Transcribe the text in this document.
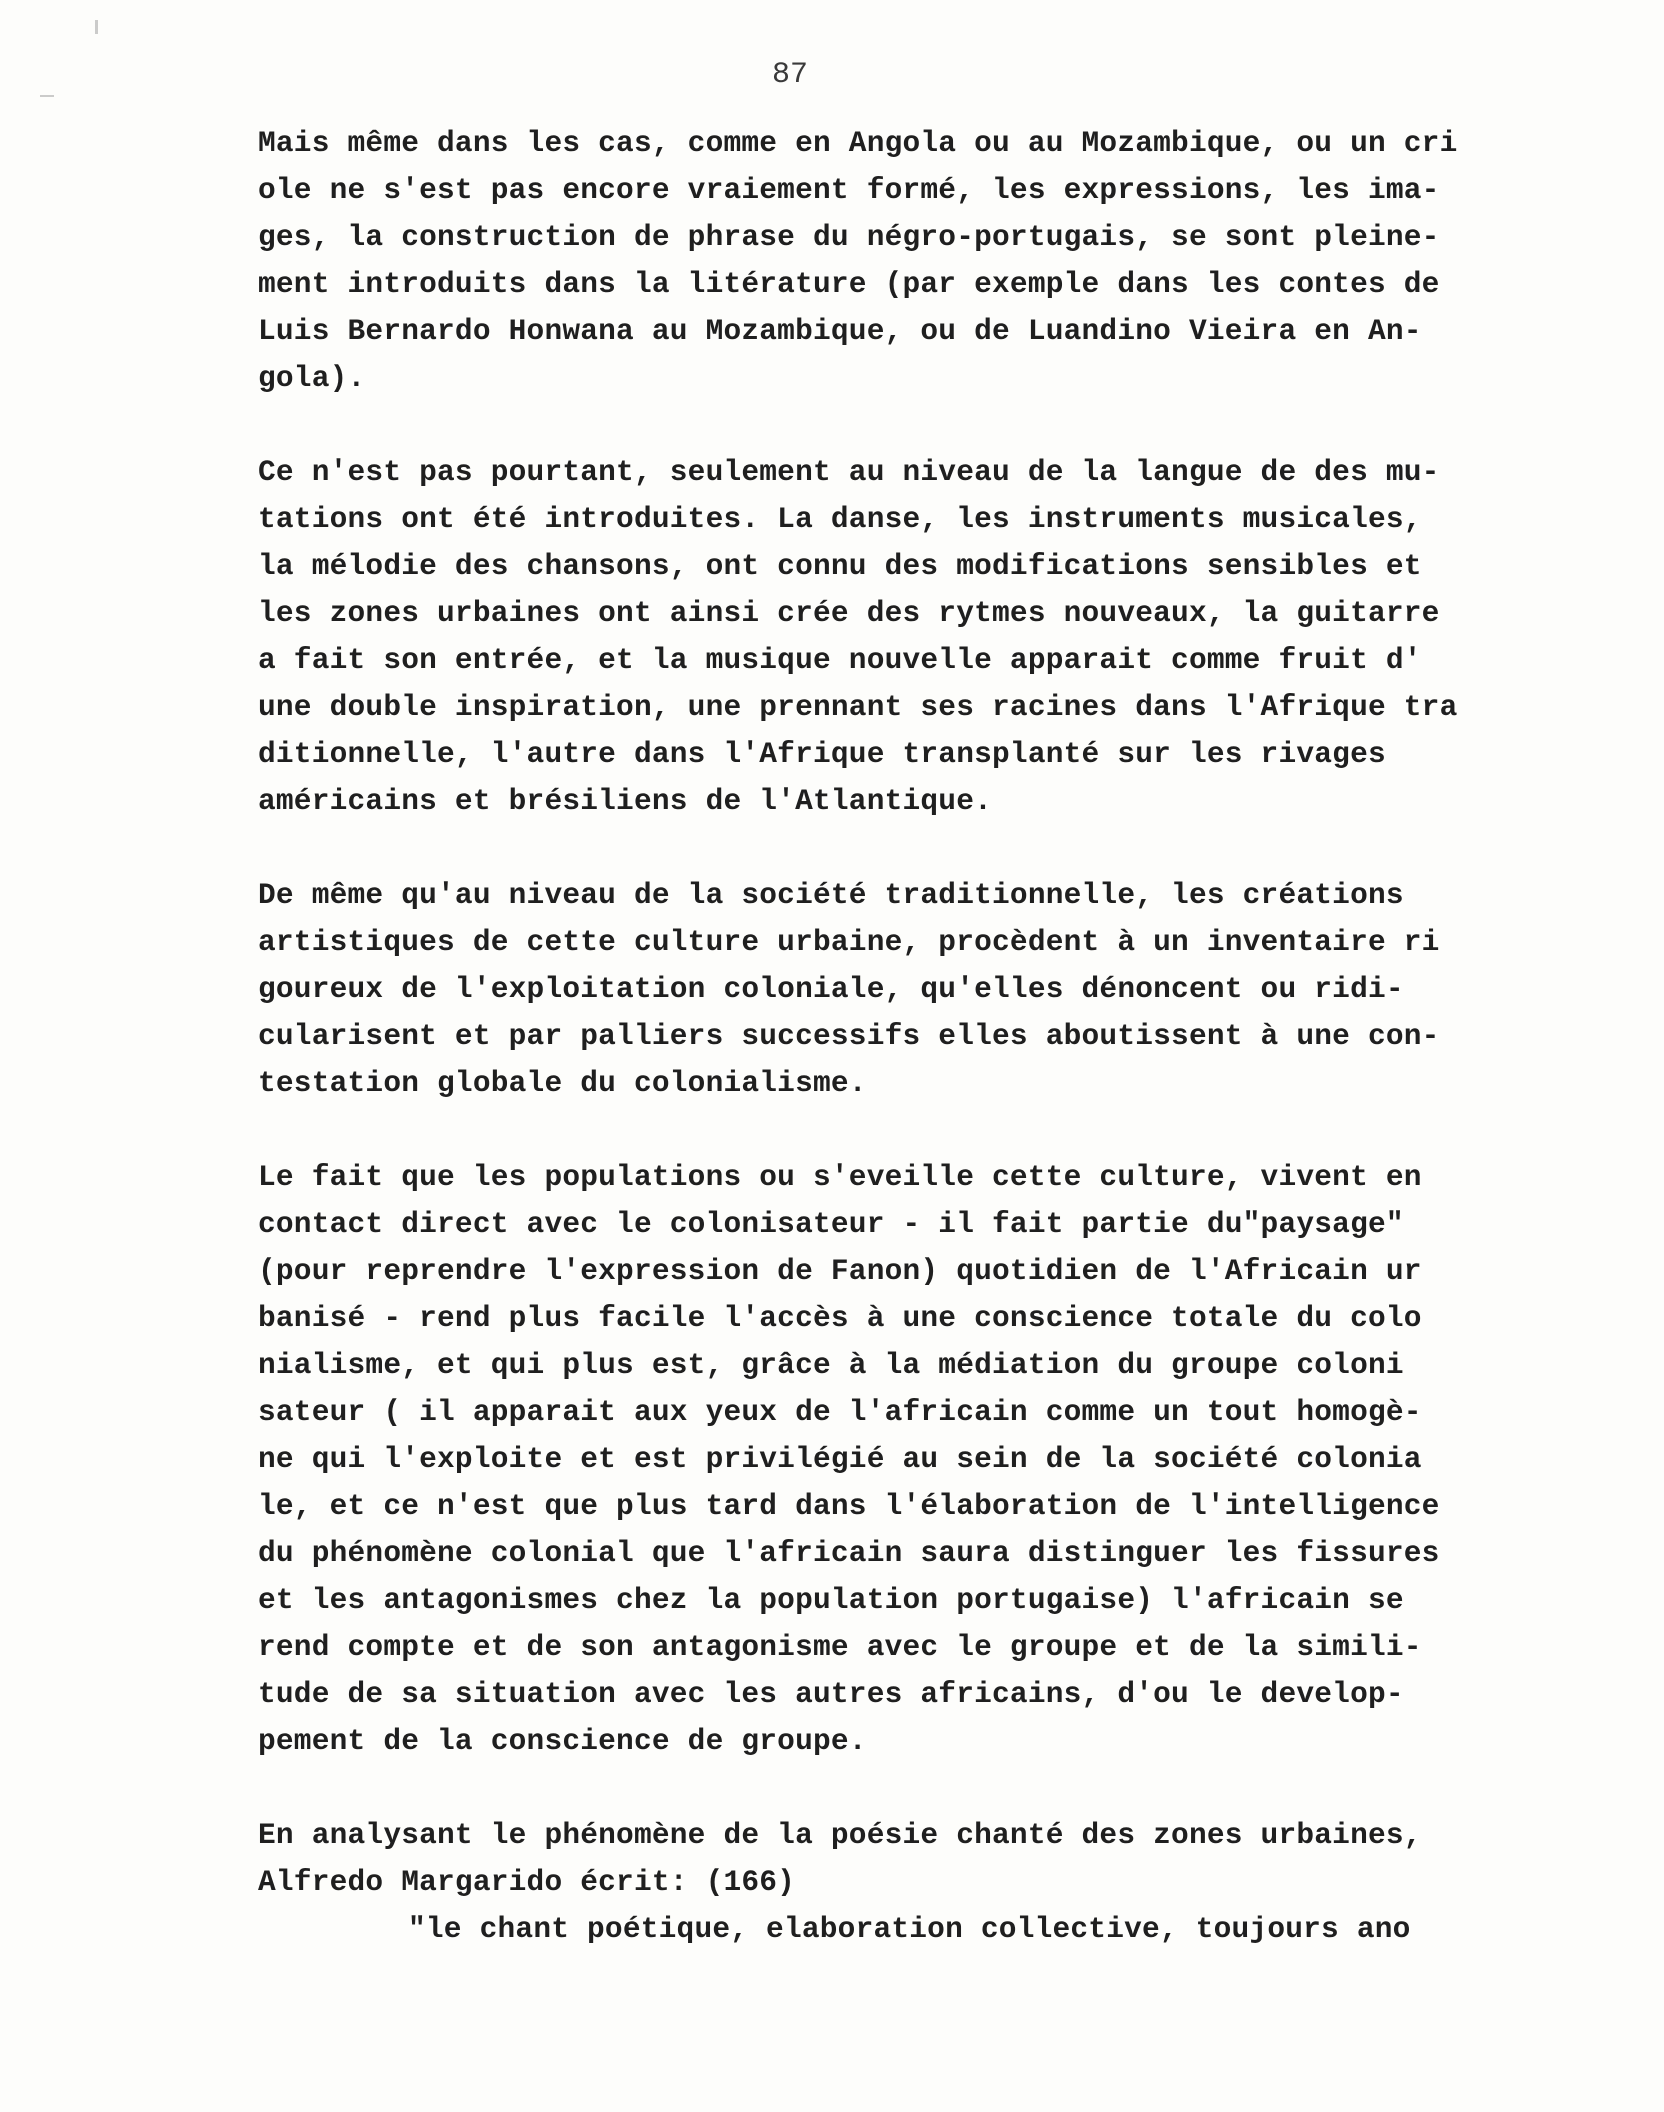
87
Mais même dans les cas, comme en Angola ou au Mozambique, ou un cri
ole ne s'est pas encore vraiement formé, les expressions, les ima-
ges, la construction de phrase du négro-portugais, se sont pleine-
ment introduits dans la litérature (par exemple dans les contes de
Luis Bernardo Honwana au Mozambique, ou de Luandino Vieira en An-
gola).
Ce n'est pas pourtant, seulement au niveau de la langue de des mu-
tations ont été introduites. La danse, les instruments musicales,
la mélodie des chansons, ont connu des modifications sensibles et
les zones urbaines ont ainsi crée des rytmes nouveaux, la guitarre
a fait son entrée, et la musique nouvelle apparait comme fruit d'
une double inspiration, une prennant ses racines dans l'Afrique tra
ditionnelle, l'autre dans l'Afrique transplanté sur les rivages
américains et brésiliens de l'Atlantique.
De même qu'au niveau de la société traditionnelle, les créations
artistiques de cette culture urbaine, procèdent à un inventaire ri
goureux de l'exploitation coloniale, qu'elles dénoncent ou ridi-
cularisent et par palliers successifs elles aboutissent à une con-
testation globale du colonialisme.
Le fait que les populations ou s'eveille cette culture, vivent en
contact direct avec le colonisateur - il fait partie du"paysage"
(pour reprendre l'expression de Fanon) quotidien de l'Africain ur
banisé - rend plus facile l'accès à une conscience totale du colo
nialisme, et qui plus est, grâce à la médiation du groupe coloni
sateur ( il apparait aux yeux de l'africain comme un tout homogè-
ne qui l'exploite et est privilégié au sein de la société colonia
le, et ce n'est que plus tard dans l'élaboration de l'intelligence
du phénomène colonial que l'africain saura distinguer les fissures
et les antagonismes chez la population portugaise) l'africain se
rend compte et de son antagonisme avec le groupe et de la simili-
tude de sa situation avec les autres africains, d'ou le develop-
pement de la conscience de groupe.
En analysant le phénomène de la poésie chanté des zones urbaines,
Alfredo Margarido écrit: (166)
"le chant poétique, elaboration collective, toujours ano
